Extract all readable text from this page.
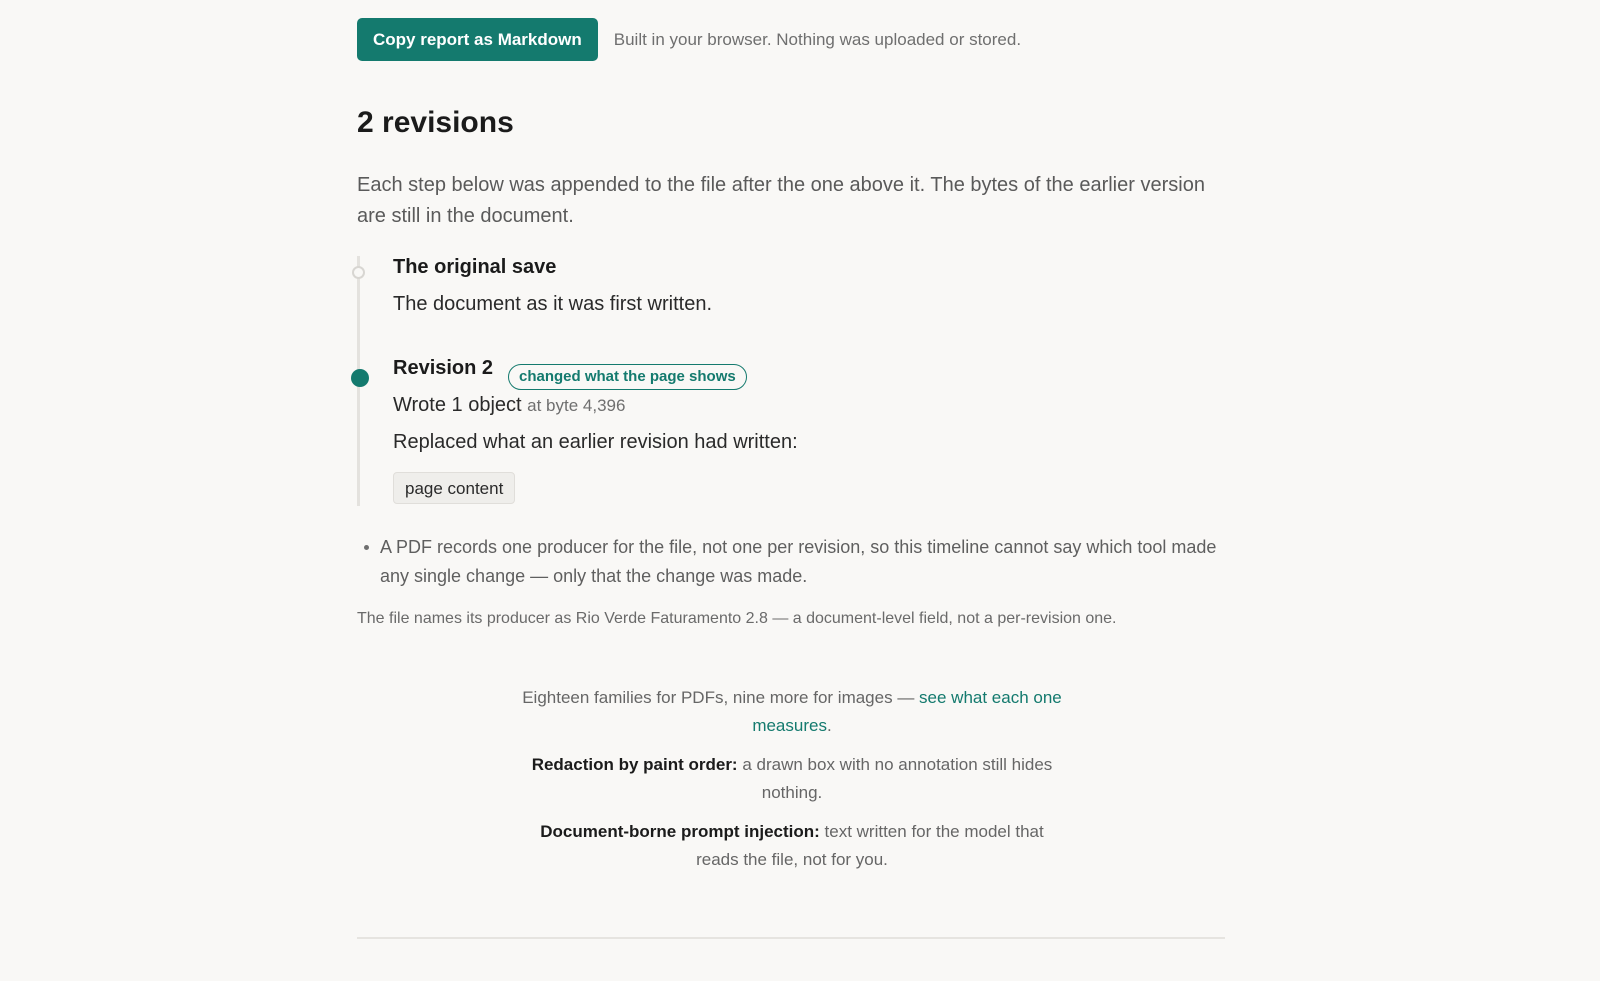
Copy report as Markdown	Built in your browser. Nothing was uploaded or stored.
2 revisions

Each step below was appended to the file after the one above it. The bytes of the earlier version are still in the document.

The original save
The document as it was first written.
Revision 2	changed what the page shows
Wrote 1 object at byte 4,396
Replaced what an earlier revision had written:
page content
A PDF records one producer for the file, not one per revision, so this timeline cannot say which tool made any single change — only that the change was made.

The file names its producer as Rio Verde Faturamento 2.8 — a document-level field, not a per-revision one.

Eighteen families for PDFs, nine more for images — see what each one measures.

Redaction by paint order: a drawn box with no annotation still hides nothing.

Document-borne prompt injection: text written for the model that reads the file, not for you.
